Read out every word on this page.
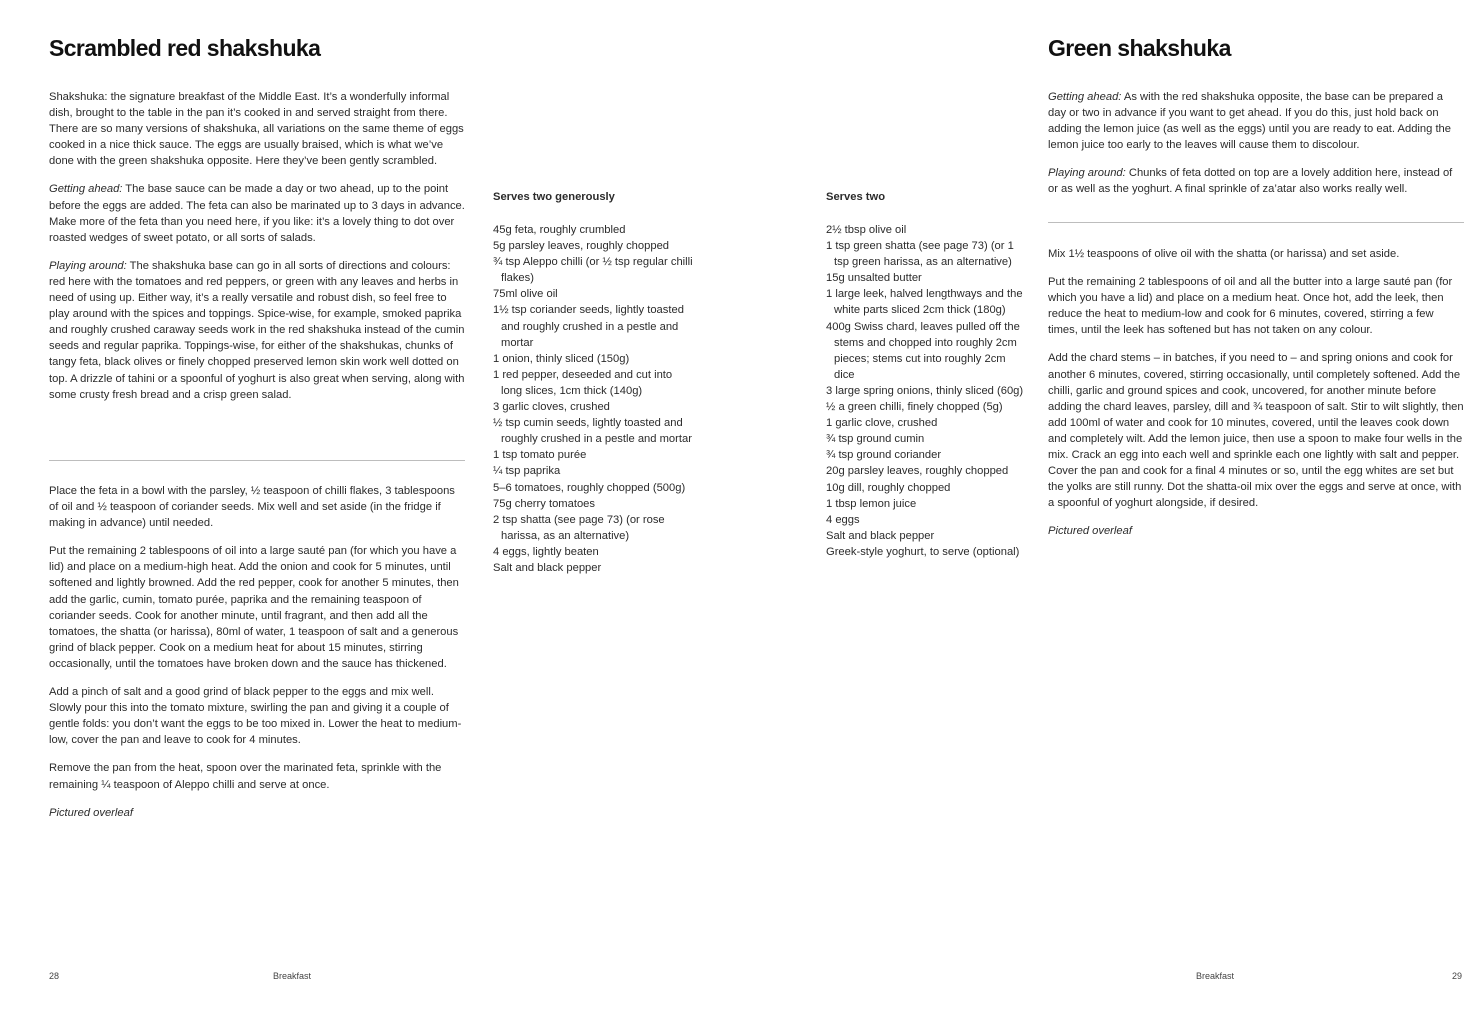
Scrambled red shakshuka

Shakshuka: the signature breakfast of the Middle East. It’s a wonderfully informal dish, brought to the table in the pan it’s cooked in and served straight from there. There are so many versions of shakshuka, all variations on the same theme of eggs cooked in a nice thick sauce. The eggs are usually braised, which is what we’ve done with the green shakshuka opposite. Here they’ve been gently scrambled.

Getting ahead: The base sauce can be made a day or two ahead, up to the point before the eggs are added. The feta can also be marinated up to 3 days in advance. Make more of the feta than you need here, if you like: it’s a lovely thing to dot over roasted wedges of sweet potato, or all sorts of salads.

Playing around: The shakshuka base can go in all sorts of directions and colours: red here with the tomatoes and red peppers, or green with any leaves and herbs in need of using up. Either way, it’s a really versatile and robust dish, so feel free to play around with the spices and toppings. Spice-wise, for example, smoked paprika and roughly crushed caraway seeds work in the red shakshuka instead of the cumin seeds and regular paprika. Toppings-wise, for either of the shakshukas, chunks of tangy feta, black olives or finely chopped preserved lemon skin work well dotted on top. A drizzle of tahini or a spoonful of yoghurt is also great when serving, along with some crusty fresh bread and a crisp green salad.

Place the feta in a bowl with the parsley, ½ teaspoon of chilli flakes, 3 tablespoons of oil and ½ teaspoon of coriander seeds. Mix well and set aside (in the fridge if making in advance) until needed.

Put the remaining 2 tablespoons of oil into a large sauté pan (for which you have a lid) and place on a medium-high heat. Add the onion and cook for 5 minutes, until softened and lightly browned. Add the red pepper, cook for another 5 minutes, then add the garlic, cumin, tomato purée, paprika and the remaining teaspoon of coriander seeds. Cook for another minute, until fragrant, and then add all the tomatoes, the shatta (or harissa), 80ml of water, 1 teaspoon of salt and a generous grind of black pepper. Cook on a medium heat for about 15 minutes, stirring occasionally, until the tomatoes have broken down and the sauce has thickened.

Add a pinch of salt and a good grind of black pepper to the eggs and mix well. Slowly pour this into the tomato mixture, swirling the pan and giving it a couple of gentle folds: you don’t want the eggs to be too mixed in. Lower the heat to medium-low, cover the pan and leave to cook for 4 minutes.

Remove the pan from the heat, spoon over the marinated feta, sprinkle with the remaining ¼ teaspoon of Aleppo chilli and serve at once.

Pictured overleaf

Serves two generously
45g feta, roughly crumbled
5g parsley leaves, roughly chopped
¾ tsp Aleppo chilli (or ½ tsp regular chilli flakes)
75ml olive oil
1½ tsp coriander seeds, lightly toasted and roughly crushed in a pestle and mortar
1 onion, thinly sliced (150g)
1 red pepper, deseeded and cut into long slices, 1cm thick (140g)
3 garlic cloves, crushed
½ tsp cumin seeds, lightly toasted and roughly crushed in a pestle and mortar
1 tsp tomato purée
¼ tsp paprika
5–6 tomatoes, roughly chopped (500g)
75g cherry tomatoes
2 tsp shatta (see page 73) (or rose harissa, as an alternative)
4 eggs, lightly beaten
Salt and black pepper
28	Breakfast
Serves two
2½ tbsp olive oil
1 tsp green shatta (see page 73) (or 1 tsp green harissa, as an alternative)
15g unsalted butter
1 large leek, halved lengthways and the white parts sliced 2cm thick (180g)
400g Swiss chard, leaves pulled off the stems and chopped into roughly 2cm pieces; stems cut into roughly 2cm dice
3 large spring onions, thinly sliced (60g)
½ a green chilli, finely chopped (5g)
1 garlic clove, crushed
¾ tsp ground cumin
¾ tsp ground coriander
20g parsley leaves, roughly chopped
10g dill, roughly chopped
1 tbsp lemon juice
4 eggs
Salt and black pepper
Greek-style yoghurt, to serve (optional)
Green shakshuka

Getting ahead: As with the red shakshuka opposite, the base can be prepared a day or two in advance if you want to get ahead. If you do this, just hold back on adding the lemon juice (as well as the eggs) until you are ready to eat. Adding the lemon juice too early to the leaves will cause them to discolour.

Playing around: Chunks of feta dotted on top are a lovely addition here, instead of or as well as the yoghurt. A final sprinkle of za’atar also works really well.

Mix 1½ teaspoons of olive oil with the shatta (or harissa) and set aside.

Put the remaining 2 tablespoons of oil and all the butter into a large sauté pan (for which you have a lid) and place on a medium heat. Once hot, add the leek, then reduce the heat to medium-low and cook for 6 minutes, covered, stirring a few times, until the leek has softened but has not taken on any colour.

Add the chard stems – in batches, if you need to – and spring onions and cook for another 6 minutes, covered, stirring occasionally, until completely softened. Add the chilli, garlic and ground spices and cook, uncovered, for another minute before adding the chard leaves, parsley, dill and ¾ teaspoon of salt. Stir to wilt slightly, then add 100ml of water and cook for 10 minutes, covered, until the leaves cook down and completely wilt. Add the lemon juice, then use a spoon to make four wells in the mix. Crack an egg into each well and sprinkle each one lightly with salt and pepper. Cover the pan and cook for a final 4 minutes or so, until the egg whites are set but the yolks are still runny. Dot the shatta-oil mix over the eggs and serve at once, with a spoonful of yoghurt alongside, if desired.

Pictured overleaf

Breakfast	29
